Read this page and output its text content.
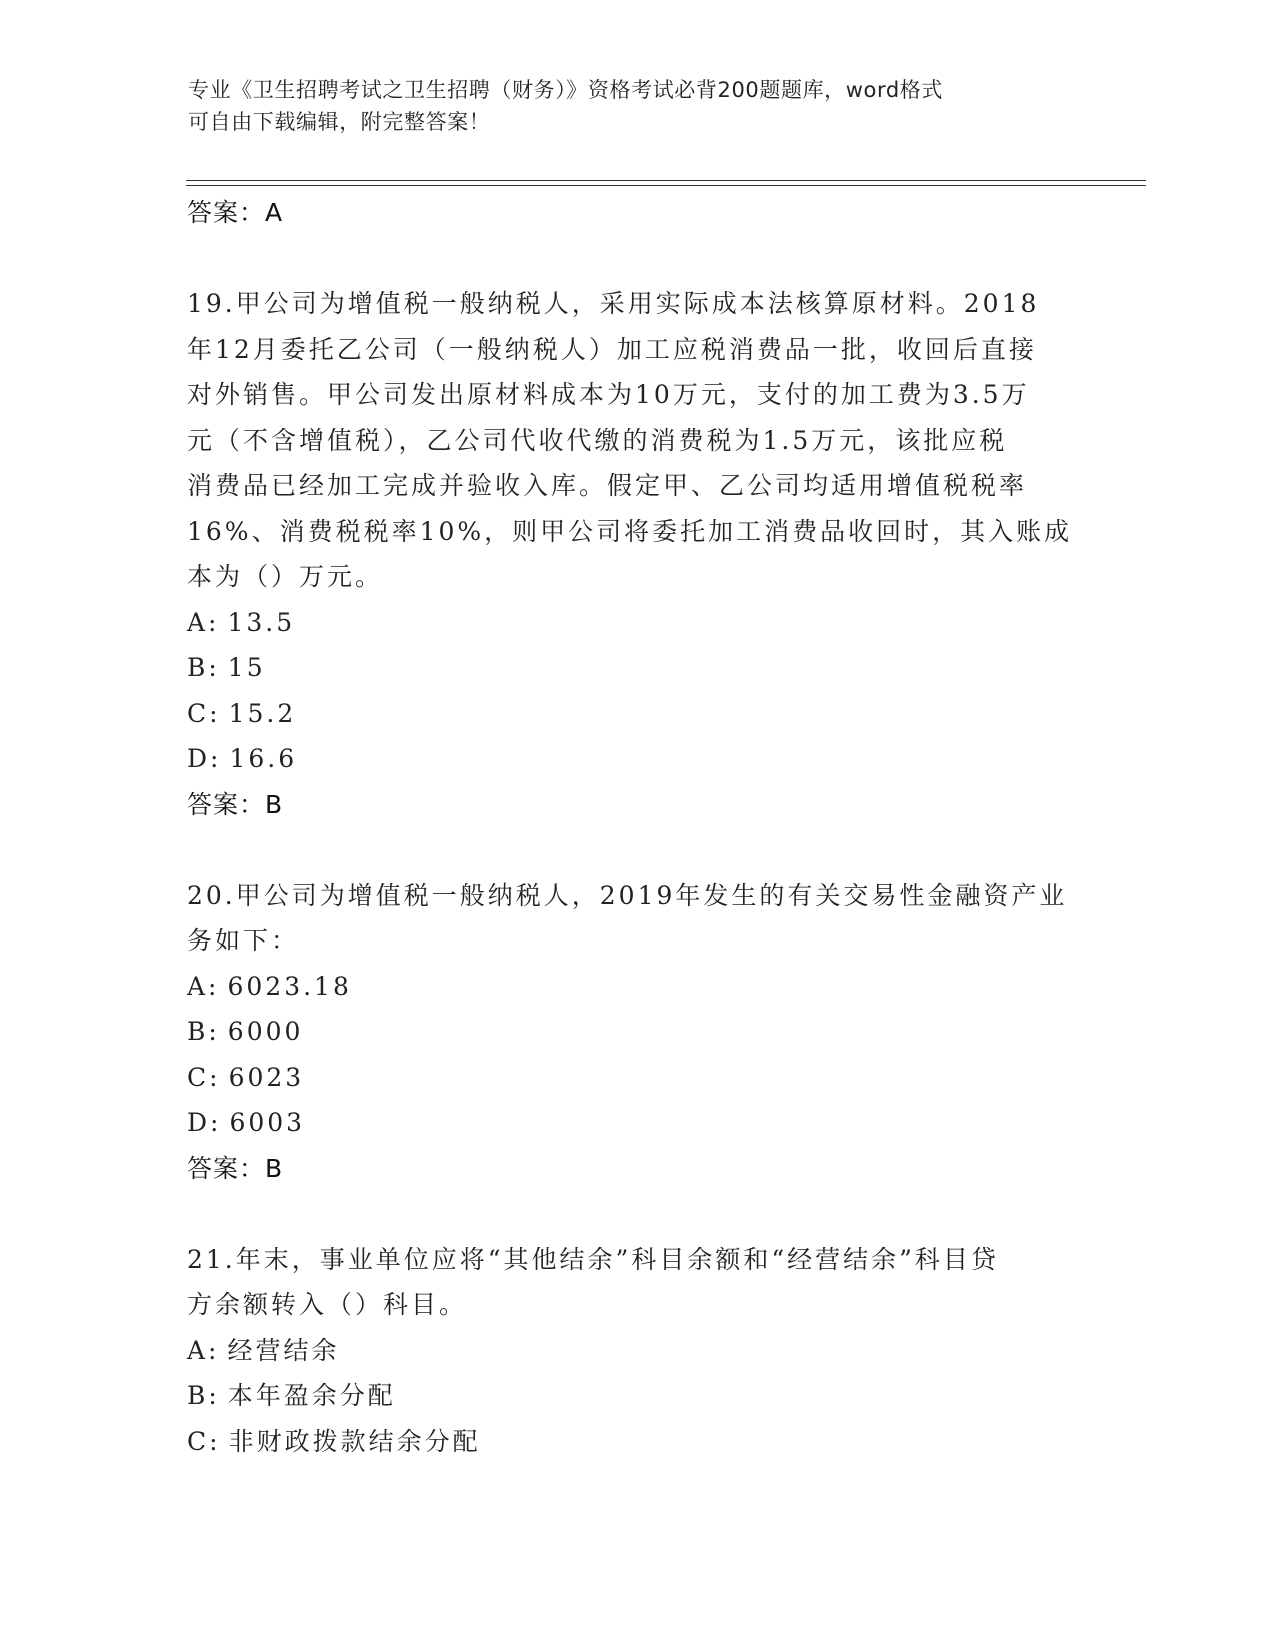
专业《卫生招聘考试之卫生招聘（财务）》资格考试必背200题题库，word格式
可自由下载编辑，附完整答案！
答案：A
19.甲公司为增值税一般纳税人，采用实际成本法核算原材料。2018
年12月委托乙公司（一般纳税人）加工应税消费品一批，收回后直接
对外销售。甲公司发出原材料成本为10万元，支付的加工费为3.5万
元（不含增值税），乙公司代收代缴的消费税为1.5万元，该批应税
消费品已经加工完成并验收入库。假定甲、乙公司均适用增值税税率
16%、消费税税率10%，则甲公司将委托加工消费品收回时，其入账成
本为（）万元。
A: 13.5
B: 15
C: 15.2
D: 16.6
答案：B
20.甲公司为增值税一般纳税人，2019年发生的有关交易性金融资产业
务如下：
A: 6023.18
B: 6000
C: 6023
D: 6003
答案：B
21.年末，事业单位应将“其他结余”科目余额和“经营结余”科目贷
方余额转入（）科目。
A: 经营结余
B: 本年盈余分配
C: 非财政拨款结余分配
